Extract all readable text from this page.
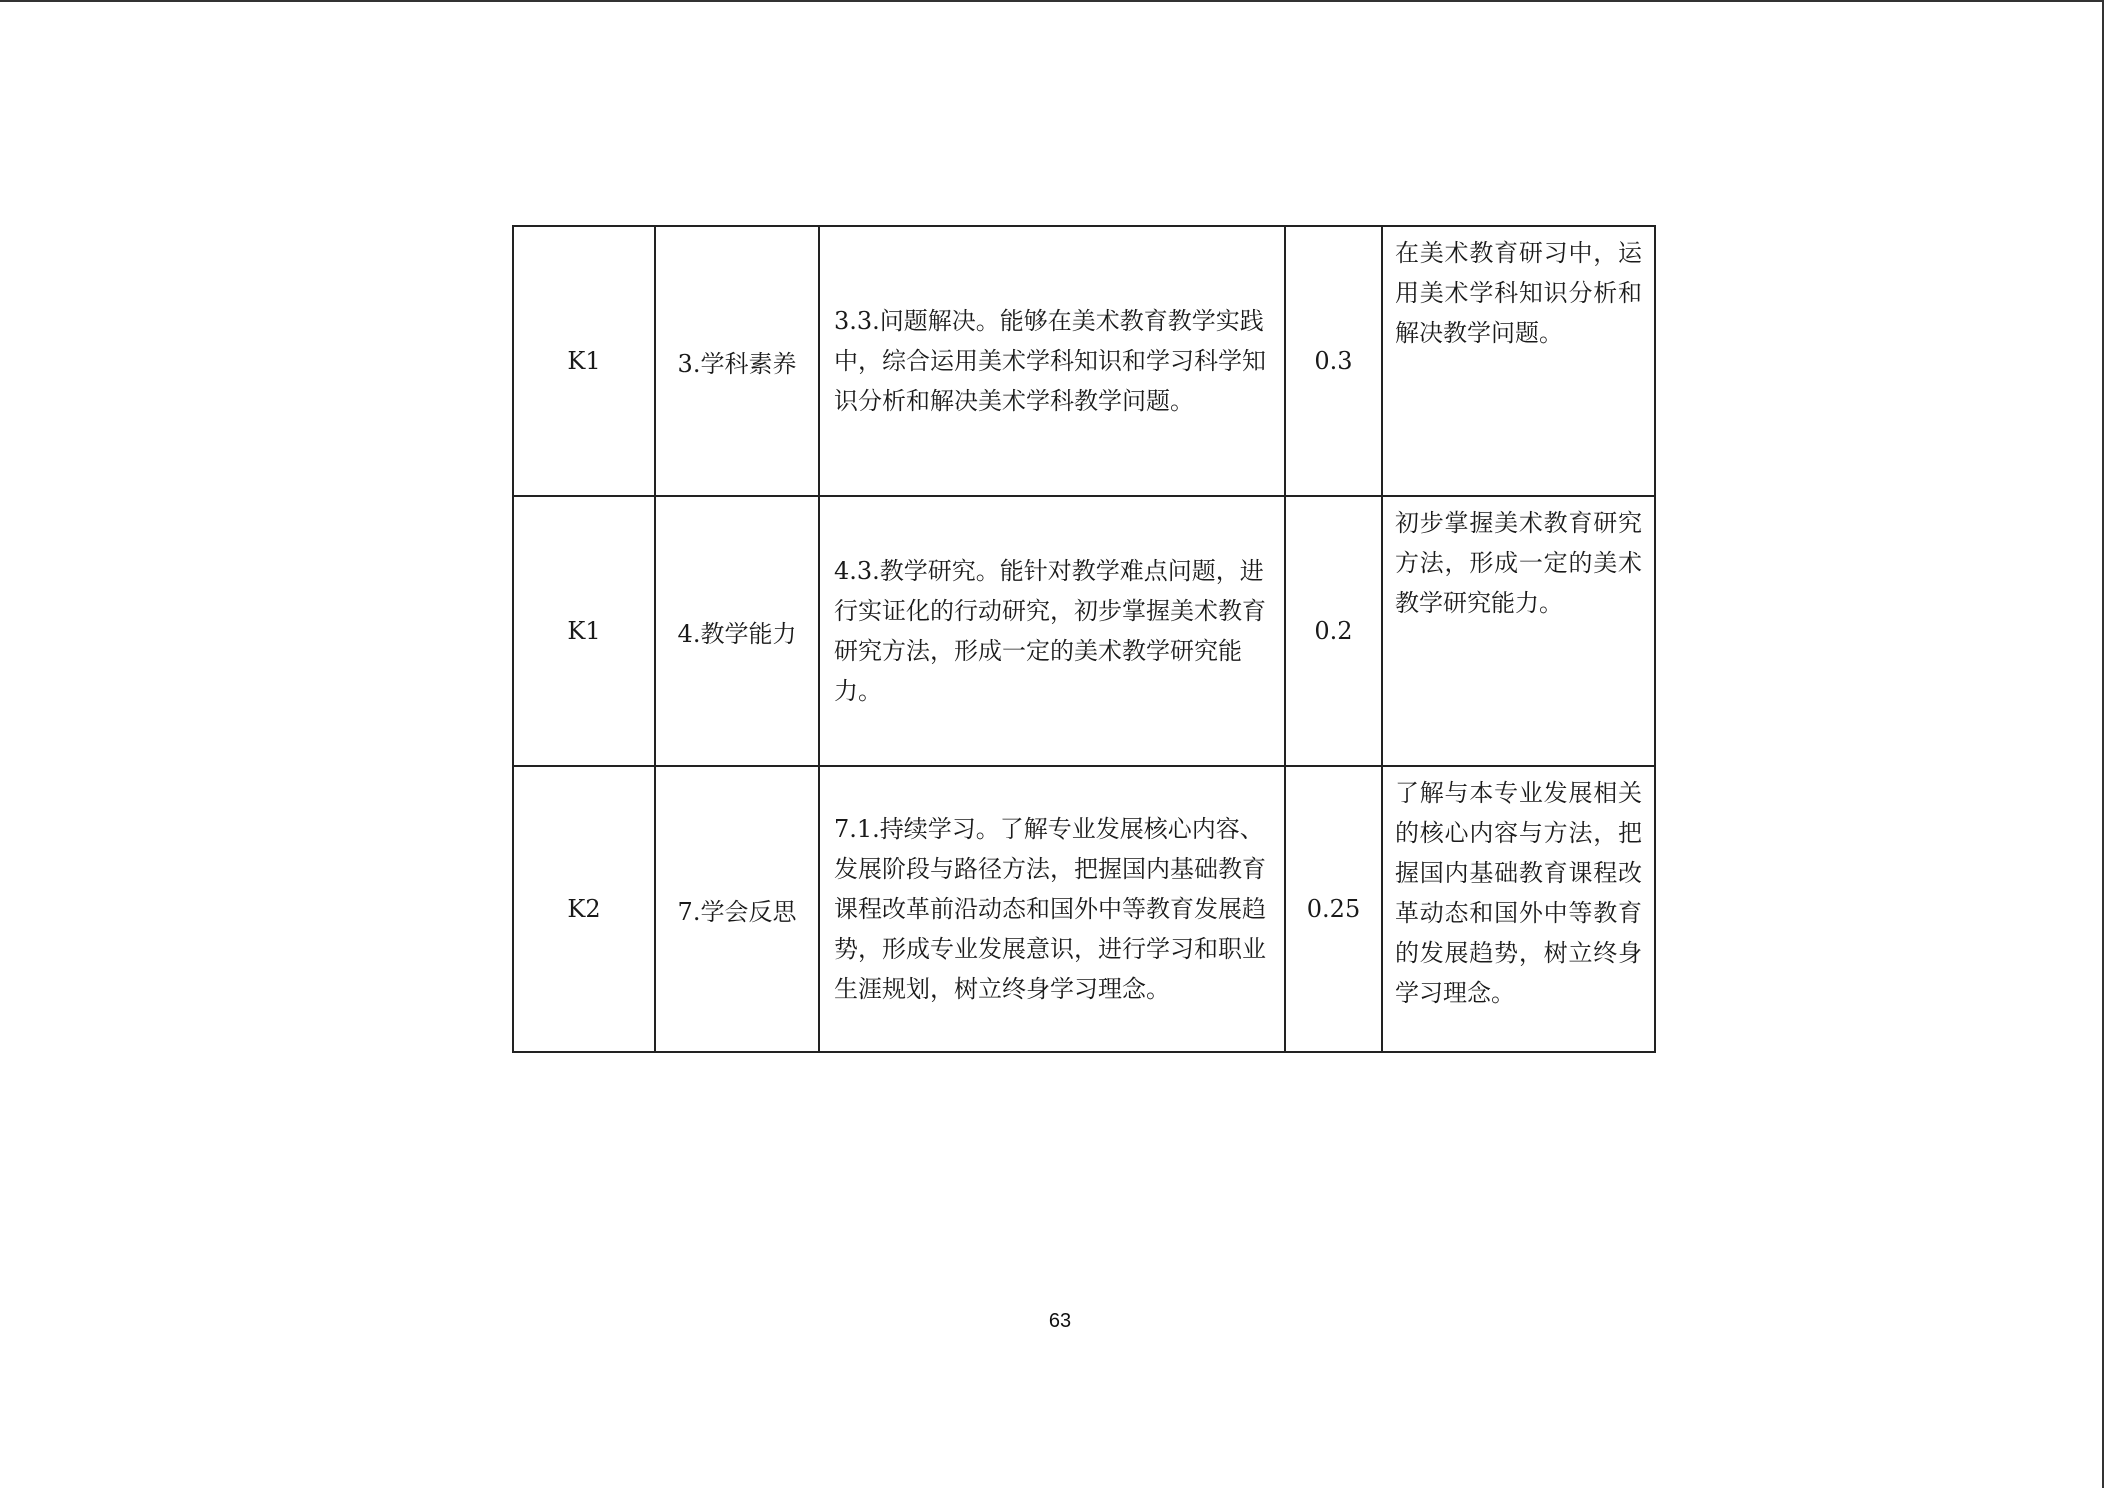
K1	3.学科素养	3.3.问题解决。能够在美术教育教学实践中，综合运用美术学科知识和学习科学知识分析和解决美术学科教学问题。	0.3	在美术教育研习中，运用美术学科知识分析和解决教学问题。

K1	4.教学能力	4.3.教学研究。能针对教学难点问题，进行实证化的行动研究，初步掌握美术教育研究方法，形成一定的美术教学研究能力。	0.2	初步掌握美术教育研究方法，形成一定的美术教学研究能力。

K2	7.学会反思	7.1.持续学习。了解专业发展核心内容、发展阶段与路径方法，把握国内基础教育课程改革前沿动态和国外中等教育发展趋势，形成专业发展意识，进行学习和职业生涯规划，树立终身学习理念。	0.25	了解与本专业发展相关的核心内容与方法，把握国内基础教育课程改革动态和国外中等教育的发展趋势，树立终身学习理念。
63
